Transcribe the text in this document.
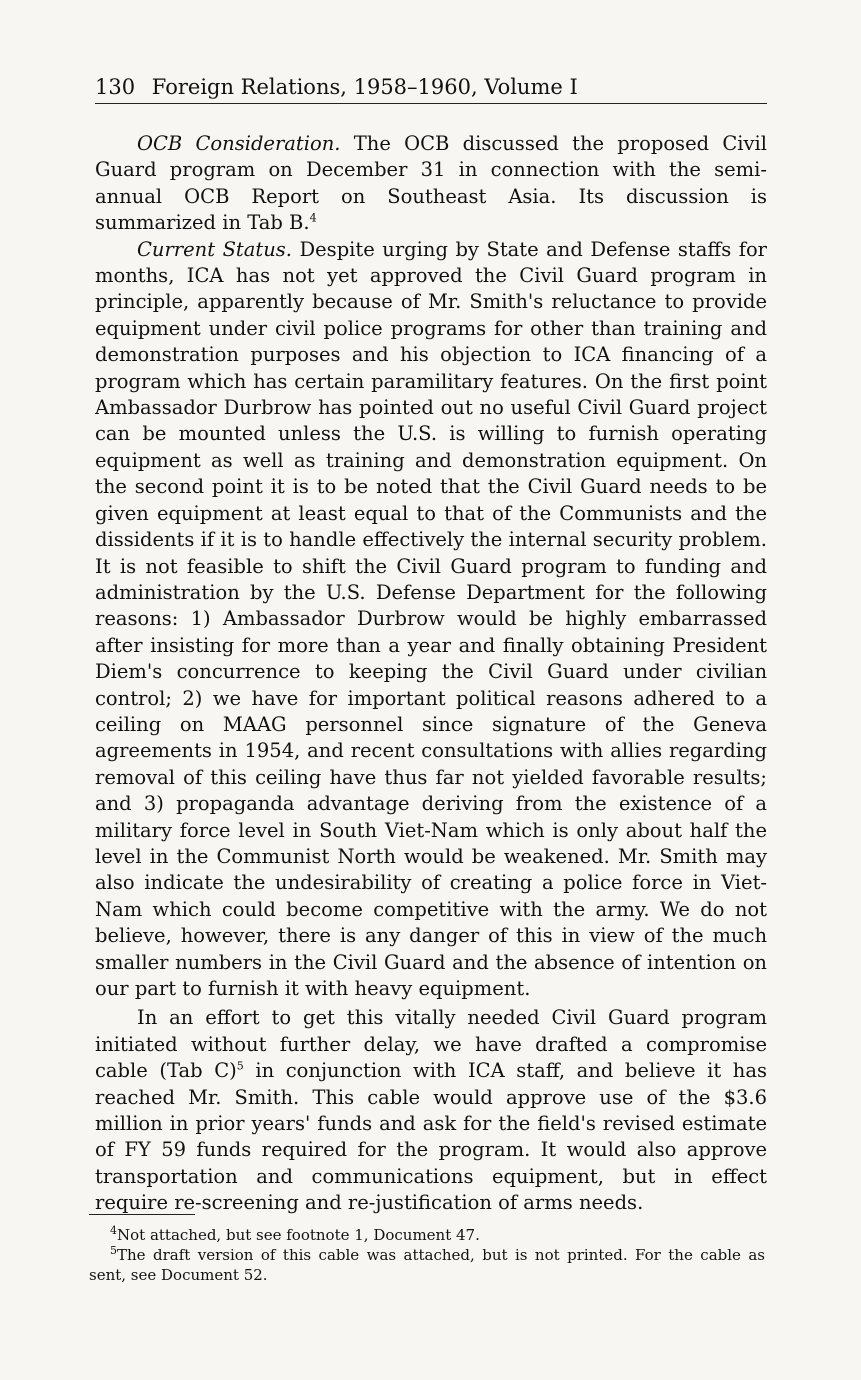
130 Foreign Relations, 1958–1960, Volume I

OCB Consideration. The OCB discussed the proposed Civil Guard program on December 31 in connection with the semi-annual OCB Report on Southeast Asia. Its discussion is summarized in Tab B.$^4$

Current Status. Despite urging by State and Defense staffs for months, ICA has not yet approved the Civil Guard program in principle, apparently because of Mr. Smith's reluctance to provide equipment under civil police programs for other than training and demonstration purposes and his objection to ICA financing of a program which has certain paramilitary features. On the first point Ambassador Durbrow has pointed out no useful Civil Guard project can be mounted unless the U.S. is willing to furnish operating equipment as well as training and demonstration equipment. On the second point it is to be noted that the Civil Guard needs to be given equipment at least equal to that of the Communists and the dissidents if it is to handle effectively the internal security problem. It is not feasible to shift the Civil Guard program to funding and administration by the U.S. Defense Department for the following reasons: 1) Ambassador Durbrow would be highly embarrassed after insisting for more than a year and finally obtaining President Diem's concurrence to keeping the Civil Guard under civilian control; 2) we have for important political reasons adhered to a ceiling on MAAG personnel since signature of the Geneva agreements in 1954, and recent consultations with allies regarding removal of this ceiling have thus far not yielded favorable results; and 3) propaganda advantage deriving from the existence of a military force level in South Viet-Nam which is only about half the level in the Communist North would be weakened. Mr. Smith may also indicate the undesirability of creating a police force in Viet-Nam which could become competitive with the army. We do not believe, however, there is any danger of this in view of the much smaller numbers in the Civil Guard and the absence of intention on our part to furnish it with heavy equipment.

In an effort to get this vitally needed Civil Guard program initiated without further delay, we have drafted a compromise cable (Tab C)$^5$ in conjunction with ICA staff, and believe it has reached Mr. Smith. This cable would approve use of the $3.6 million in prior years' funds and ask for the field's revised estimate of FY 59 funds required for the program. It would also approve transportation and communications equipment, but in effect require re-screening and re-justification of arms needs.

$^4$Not attached, but see footnote 1, Document 47.

$^5$The draft version of this cable was attached, but is not printed. For the cable as sent, see Document 52.
